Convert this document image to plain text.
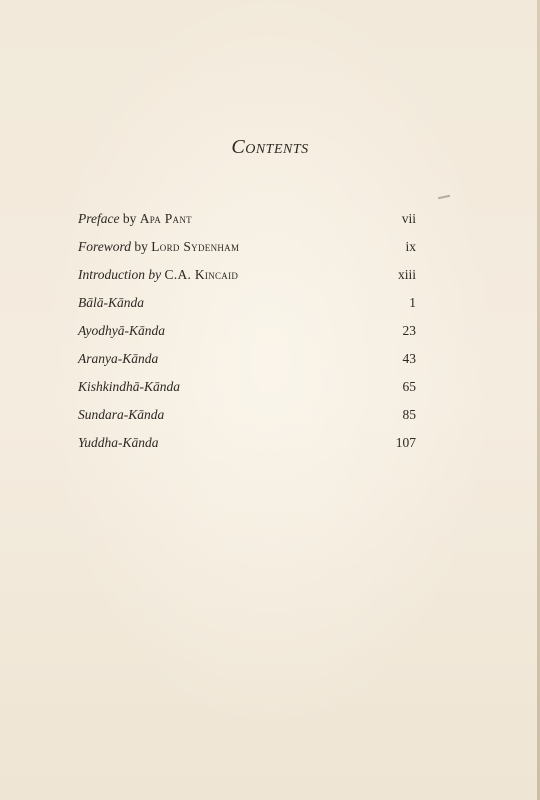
Contents
Preface by Apa Pant	vii
Foreword by Lord Sydenham	ix
Introduction by C.A. Kincaid	xiii
Bālā-Kānda	1
Ayodhyā-Kānda	23
Aranya-Kānda	43
Kishkindhā-Kānda	65
Sundara-Kānda	85
Yuddha-Kānda	107
